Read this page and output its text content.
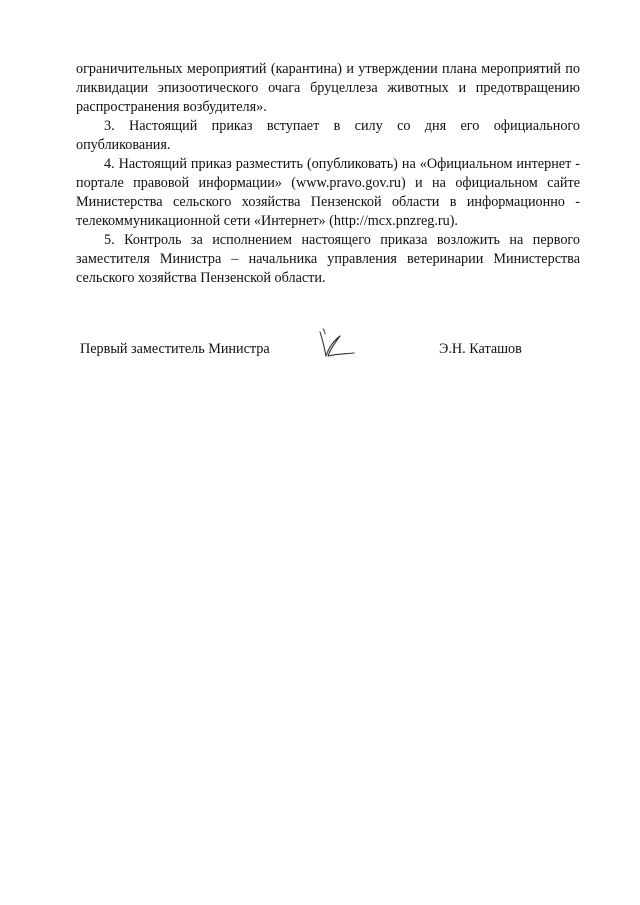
ограничительных мероприятий (карантина) и утверждении плана мероприятий по ликвидации эпизоотического очага бруцеллеза животных и предотвращению распространения возбудителя».

3. Настоящий приказ вступает в силу со дня его официального опубликования.

4. Настоящий приказ разместить (опубликовать) на «Официальном интернет - портале правовой информации» (www.pravo.gov.ru) и на официальном сайте Министерства сельского хозяйства Пензенской области в информационно - телекоммуникационной сети «Интернет» (http://mcx.pnzreg.ru).

5. Контроль за исполнением настоящего приказа возложить на первого заместителя Министра – начальника управления ветеринарии Министерства сельского хозяйства Пензенской области.

Первый заместитель Министра	Э.Н. Каташов
